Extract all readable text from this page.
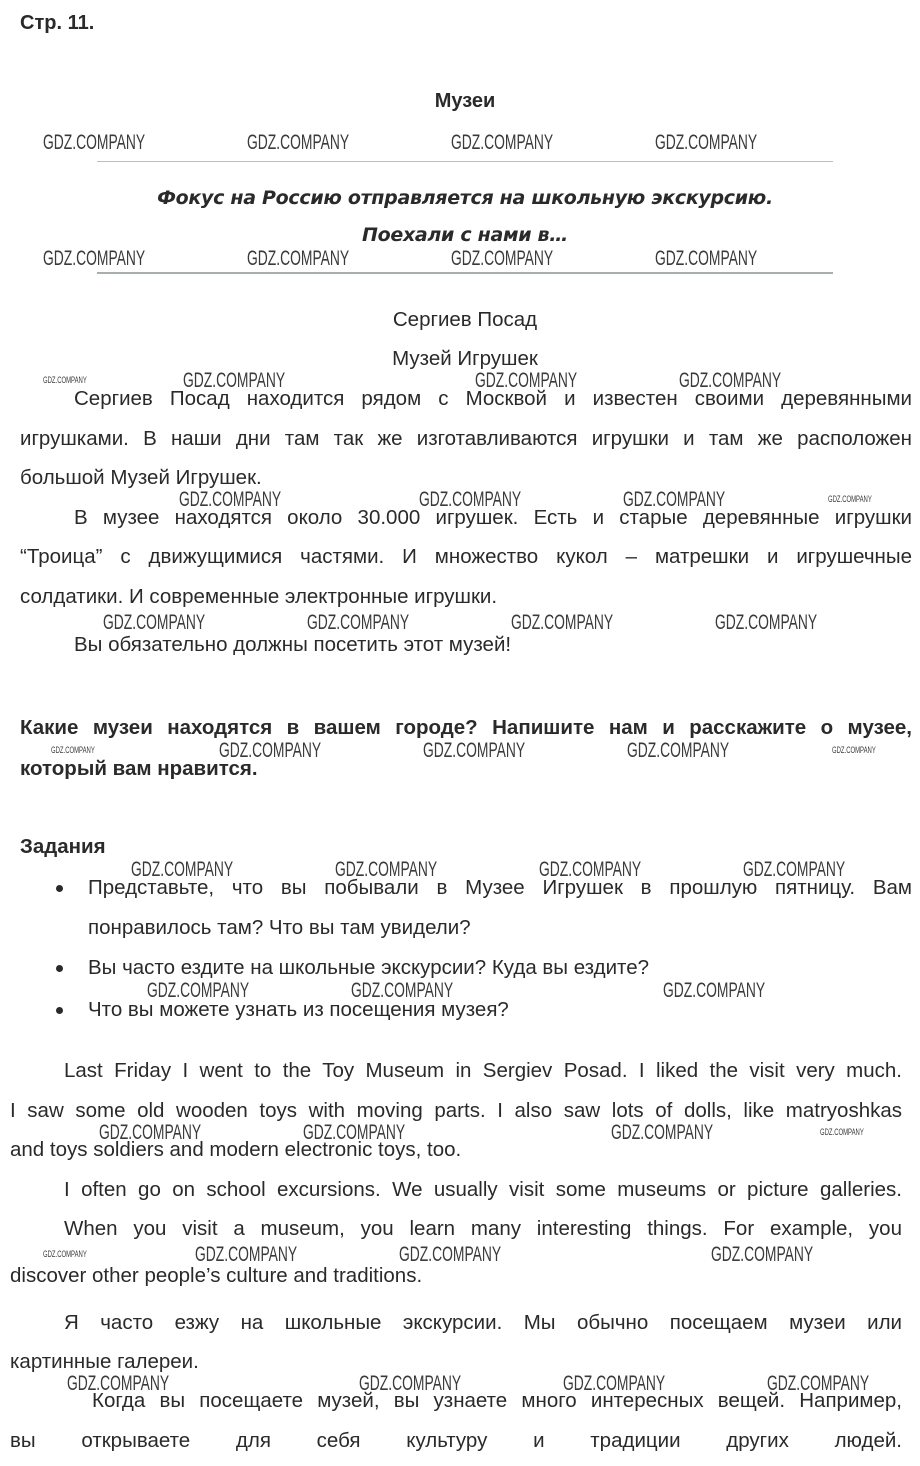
Стр. 11.
Музеи
Фокус на Россию отправляется на школьную экскурсию.
Поехали с нами в…
Сергиев Посад
Музей Игрушек
Сергиев Посад находится рядом с Москвой и известен своими деревянными
игрушками. В наши дни там так же изготавливаются игрушки и там же расположен
большой Музей Игрушек.
В музее находятся около 30.000 игрушек. Есть и старые деревянные игрушки
“Троица” с движущимися частями. И множество кукол – матрешки и игрушечные
солдатики. И современные электронные игрушки.
Вы обязательно должны посетить этот музей!
Какие музеи находятся в вашем городе? Напишите нам и расскажите о музее,
который вам нравится.
Задания
Представьте, что вы побывали в Музее Игрушек в прошлую пятницу. Вам
понравилось там? Что вы там увидели?
Вы часто ездите на школьные экскурсии? Куда вы ездите?
Что вы можете узнать из посещения музея?
Last Friday I went to the Toy Museum in Sergiev Posad. I liked the visit very much.
I saw some old wooden toys with moving parts. I also saw lots of dolls, like matryoshkas
and toys soldiers and modern electronic toys, too.
I often go on school excursions. We usually visit some museums or picture galleries.
When you visit a museum, you learn many interesting things. For example, you
discover other people’s culture and traditions.
Я часто езжу на школьные экскурсии. Мы обычно посещаем музеи или
картинные галереи.
Когда вы посещаете музей, вы узнаете много интересных вещей. Например,
вы открываете для себя культуру и традиции других людей.
GDZ.COMPANY	GDZ.COMPANY	GDZ.COMPANY	GDZ.COMPANY
GDZ.COMPANY	GDZ.COMPANY	GDZ.COMPANY	GDZ.COMPANY
GDZ.COMPANY	GDZ.COMPANY	GDZ.COMPANY	GDZ.COMPANY
GDZ.COMPANY	GDZ.COMPANY	GDZ.COMPANY	GDZ.COMPANY
GDZ.COMPANY	GDZ.COMPANY	GDZ.COMPANY	GDZ.COMPANY
GDZ.COMPANY	GDZ.COMPANY	GDZ.COMPANY	GDZ.COMPANY	GDZ.COMPANY
GDZ.COMPANY	GDZ.COMPANY	GDZ.COMPANY	GDZ.COMPANY
GDZ.COMPANY	GDZ.COMPANY	GDZ.COMPANY
GDZ.COMPANY	GDZ.COMPANY	GDZ.COMPANY	GDZ.COMPANY
GDZ.COMPANY	GDZ.COMPANY	GDZ.COMPANY	GDZ.COMPANY
GDZ.COMPANY	GDZ.COMPANY	GDZ.COMPANY
GDZ.COMPANY
